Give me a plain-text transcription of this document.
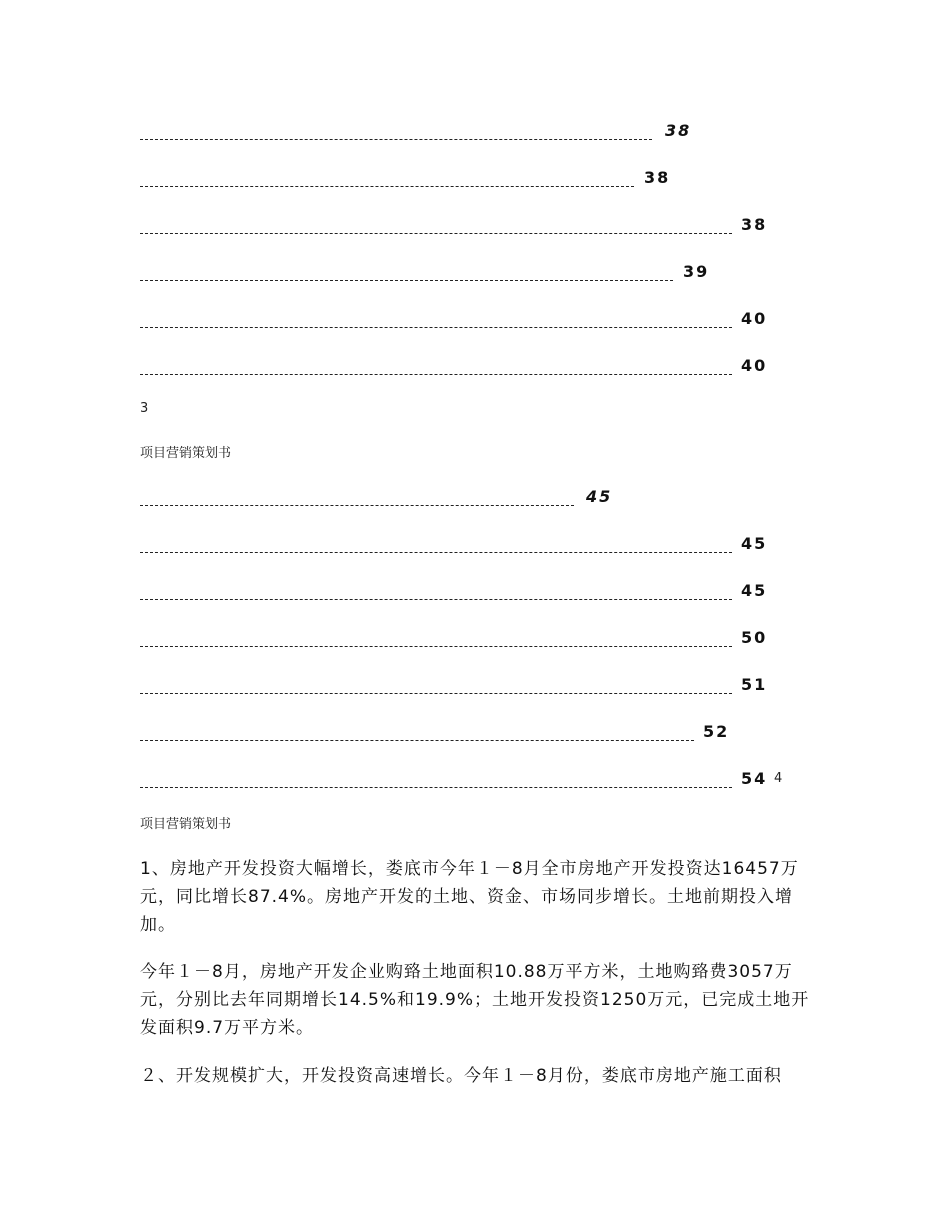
38
38
38
39
40
40
3
项目营销策划书
45
45
45
50
51
52
54 4
项目营销策划书
1、房地产开发投资大幅增长，娄底市今年１－8月全市房地产开发投资达16457万元，同比增长87.4%。房地产开发的土地、资金、市场同步增长。土地前期投入增加。
今年１－8月，房地产开发企业购臵土地面积10.88万平方米，土地购臵费3057万元，分别比去年同期增长14.5%和19.9%；土地开发投资1250万元，已完成土地开发面积9.7万平方米。
２、开发规模扩大，开发投资高速增长。今年１－8月份，娄底市房地产施工面积
